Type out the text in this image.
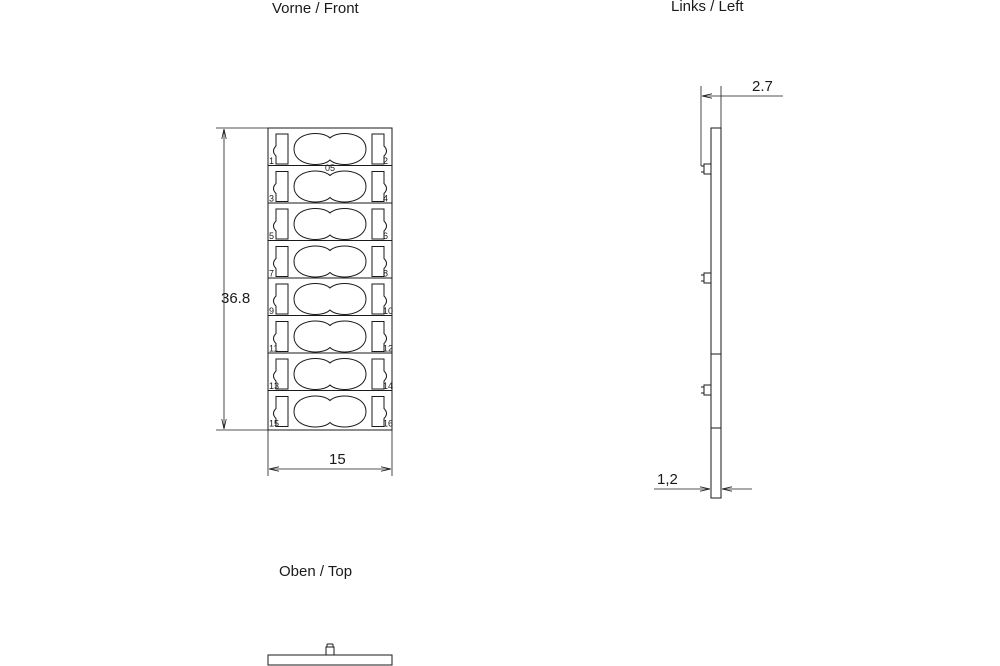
Vorne / Front	Links / Left
Oben / Top
1	2
05
3	4
5	6
7	8
9	10
11	12
13	14
15	16
36.8
15
2.7
1,2
